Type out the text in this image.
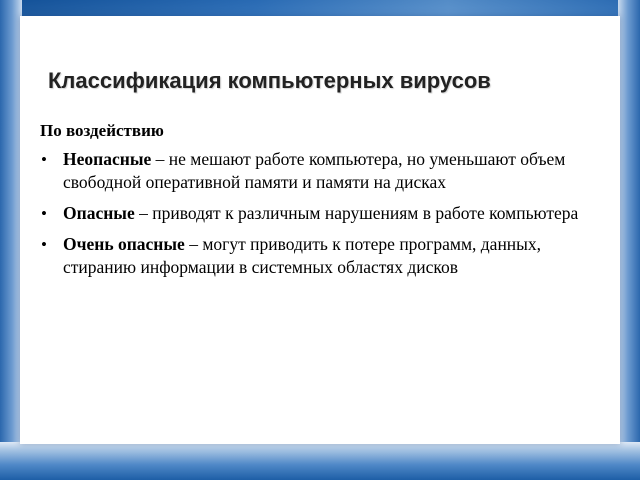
Классификация компьютерных вирусов
По воздействию
• Неопасные – не мешают работе компьютера, но уменьшают объем свободной оперативной памяти и памяти на дисках
• Опасные – приводят к различным нарушениям в работе компьютера
• Очень опасные – могут приводить к потере программ, данных, стиранию информации в системных областях дисков
